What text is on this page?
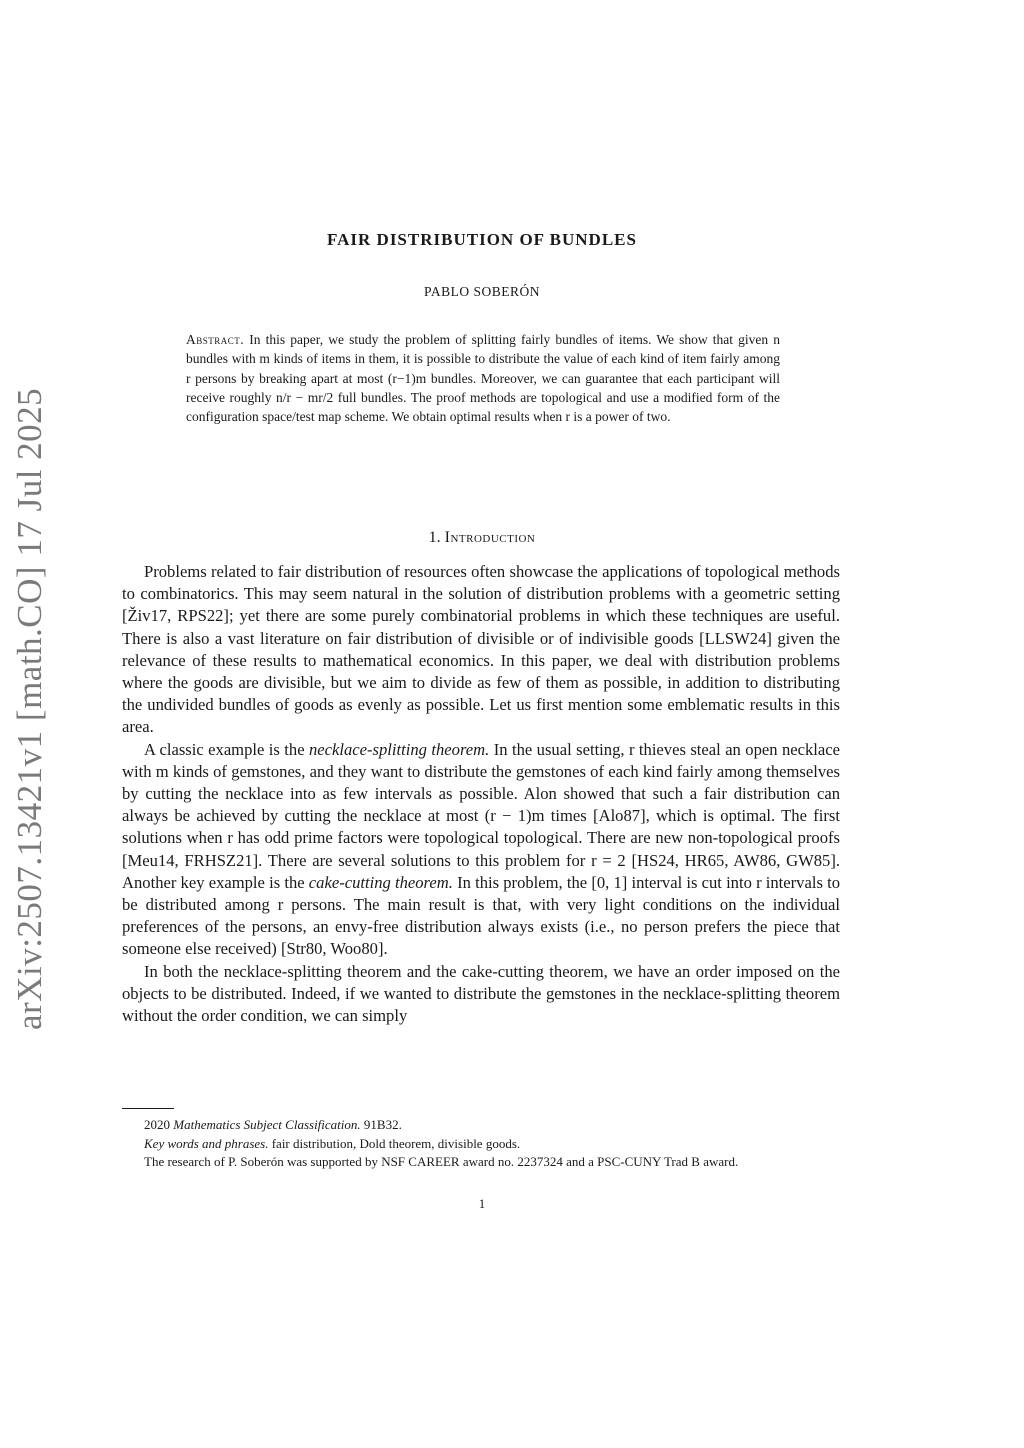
arXiv:2507.13421v1 [math.CO] 17 Jul 2025
FAIR DISTRIBUTION OF BUNDLES
PABLO SOBERÓN

Abstract. In this paper, we study the problem of splitting fairly bundles of items. We show that given n bundles with m kinds of items in them, it is possible to distribute the value of each kind of item fairly among r persons by breaking apart at most (r−1)m bundles. Moreover, we can guarantee that each participant will receive roughly n/r − mr/2 full bundles. The proof methods are topological and use a modified form of the configuration space/test map scheme. We obtain optimal results when r is a power of two.

1. Introduction

Problems related to fair distribution of resources often showcase the applications of topological methods to combinatorics. This may seem natural in the solution of distribution problems with a geometric setting [Živ17, RPS22]; yet there are some purely combinatorial problems in which these techniques are useful. There is also a vast literature on fair distribution of divisible or of indivisible goods [LLSW24] given the relevance of these results to mathematical economics. In this paper, we deal with distribution problems where the goods are divisible, but we aim to divide as few of them as possible, in addition to distributing the undivided bundles of goods as evenly as possible. Let us first mention some emblematic results in this area.

A classic example is the necklace-splitting theorem. In the usual setting, r thieves steal an open necklace with m kinds of gemstones, and they want to distribute the gemstones of each kind fairly among themselves by cutting the necklace into as few intervals as possible. Alon showed that such a fair distribution can always be achieved by cutting the necklace at most (r − 1)m times [Alo87], which is optimal. The first solutions when r has odd prime factors were topological topological. There are new non-topological proofs [Meu14, FRHSZ21]. There are several solutions to this problem for r = 2 [HS24, HR65, AW86, GW85]. Another key example is the cake-cutting theorem. In this problem, the [0, 1] interval is cut into r intervals to be distributed among r persons. The main result is that, with very light conditions on the individual preferences of the persons, an envy-free distribution always exists (i.e., no person prefers the piece that someone else received) [Str80, Woo80].

In both the necklace-splitting theorem and the cake-cutting theorem, we have an order imposed on the objects to be distributed. Indeed, if we wanted to distribute the gemstones in the necklace-splitting theorem without the order condition, we can simply

2020 Mathematics Subject Classification. 91B32.

Key words and phrases. fair distribution, Dold theorem, divisible goods.

The research of P. Soberón was supported by NSF CAREER award no. 2237324 and a PSC-CUNY Trad B award.

1
